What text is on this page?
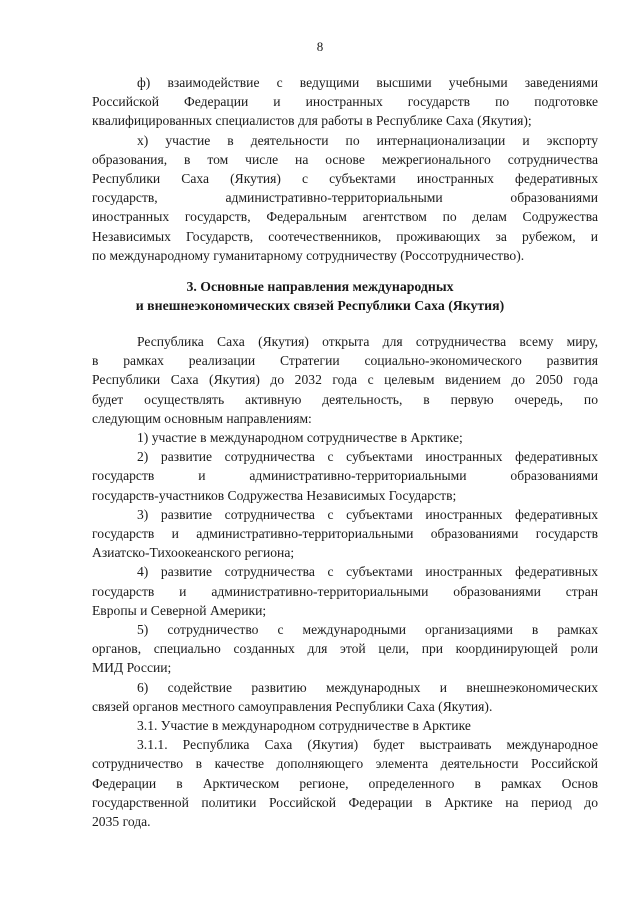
8
ф) взаимодействие с ведущими высшими учебными заведениями
Российской Федерации и иностранных государств по подготовке
квалифицированных специалистов для работы в Республике Саха (Якутия);
х) участие в деятельности по интернационализации и экспорту
образования, в том числе на основе межрегионального сотрудничества
Республики Саха (Якутия) с субъектами иностранных федеративных
государств, административно-территориальными образованиями
иностранных государств, Федеральным агентством по делам Содружества
Независимых Государств, соотечественников, проживающих за рубежом, и
по международному гуманитарному сотрудничеству (Россотрудничество).
3. Основные направления международных
и внешнеэкономических связей Республики Саха (Якутия)
Республика Саха (Якутия) открыта для сотрудничества всему миру,
в рамках реализации Стратегии социально-экономического развития
Республики Саха (Якутия) до 2032 года с целевым видением до 2050 года
будет осуществлять активную деятельность, в первую очередь, по
следующим основным направлениям:
1) участие в международном сотрудничестве в Арктике;
2) развитие сотрудничества с субъектами иностранных федеративных
государств и административно-территориальными образованиями
государств-участников Содружества Независимых Государств;
3) развитие сотрудничества с субъектами иностранных федеративных
государств и административно-территориальными образованиями государств
Азиатско-Тихоокеанского региона;
4) развитие сотрудничества с субъектами иностранных федеративных
государств и административно-территориальными образованиями стран
Европы и Северной Америки;
5) сотрудничество с международными организациями в рамках
органов, специально созданных для этой цели, при координирующей роли
МИД России;
6) содействие развитию международных и внешнеэкономических
связей органов местного самоуправления Республики Саха (Якутия).
3.1. Участие в международном сотрудничестве в Арктике
3.1.1. Республика Саха (Якутия) будет выстраивать международное
сотрудничество в качестве дополняющего элемента деятельности Российской
Федерации в Арктическом регионе, определенного в рамках Основ
государственной политики Российской Федерации в Арктике на период до
2035 года.
